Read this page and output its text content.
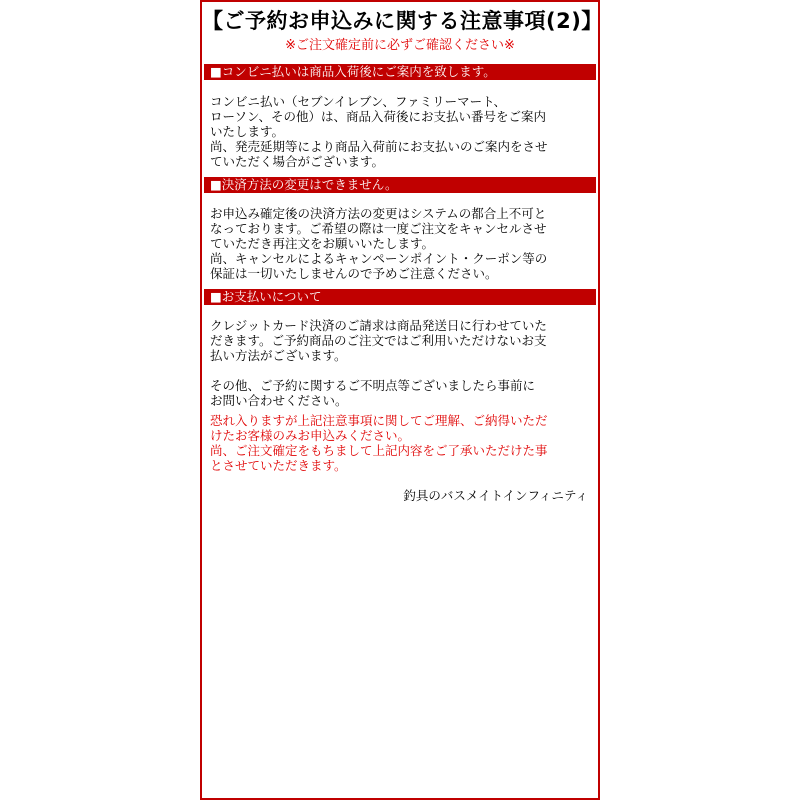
【ご予約お申込みに関する注意事項(2)】
※ご注文確定前に必ずご確認ください※
■コンビニ払いは商品入荷後にご案内を致します。

コンビニ払い（セブンイレブン、ファミリーマート、
ローソン、その他）は、商品入荷後にお支払い番号をご案内
いたします。
尚、発売延期等により商品入荷前にお支払いのご案内をさせ
ていただく場合がございます。

■決済方法の変更はできません。

お申込み確定後の決済方法の変更はシステムの都合上不可と
なっております。ご希望の際は一度ご注文をキャンセルさせ
ていただき再注文をお願いいたします。
尚、キャンセルによるキャンペーンポイント・クーポン等の
保証は一切いたしませんので予めご注意ください。

■お支払いについて

クレジットカード決済のご請求は商品発送日に行わせていた
だきます。ご予約商品のご注文ではご利用いただけないお支
払い方法がございます。

その他、ご予約に関するご不明点等ございましたら事前に
お問い合わせください。

恐れ入りますが上記注意事項に関してご理解、ご納得いただ
けたお客様のみお申込みください。
尚、ご注文確定をもちまして上記内容をご了承いただけた事
とさせていただきます。

釣具のバスメイトインフィニティ
